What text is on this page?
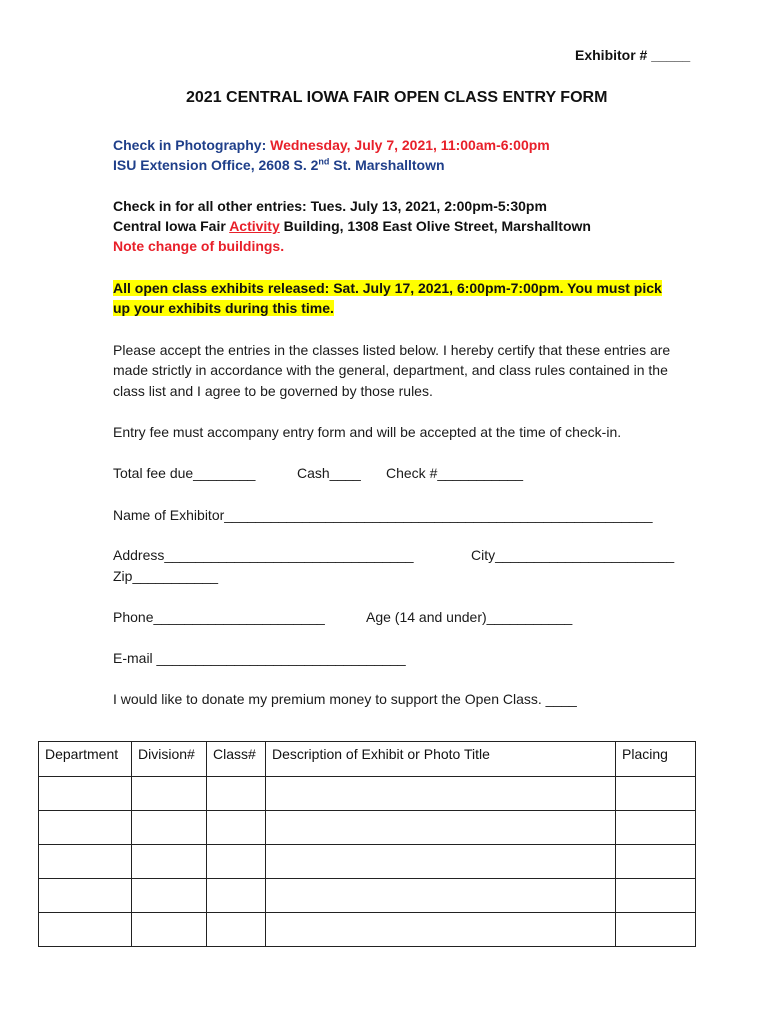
Exhibitor # _____
2021 CENTRAL IOWA FAIR OPEN CLASS ENTRY FORM
Check in Photography: Wednesday, July 7, 2021, 11:00am-6:00pm
ISU Extension Office, 2608 S. 2nd St. Marshalltown
Check in for all other entries: Tues. July 13, 2021, 2:00pm-5:30pm
Central Iowa Fair Activity Building, 1308 East Olive Street, Marshalltown
Note change of buildings.
All open class exhibits released: Sat. July 17, 2021, 6:00pm-7:00pm. You must pick
up your exhibits during this time.
Please accept the entries in the classes listed below. I hereby certify that these entries are
made strictly in accordance with the general, department, and class rules contained in the
class list and I agree to be governed by those rules.
Entry fee must accompany entry form and will be accepted at the time of check-in.
Total fee due________	Cash____ Check #___________
Name of Exhibitor_______________________________________________________
Address________________________________	City_______________________
Zip___________
Phone______________________	Age (14 and under)___________
E-mail ________________________________
I would like to donate my premium money to support the Open Class. ____
Department	Division#	Class#	Description of Exhibit or Photo Title	Placing
